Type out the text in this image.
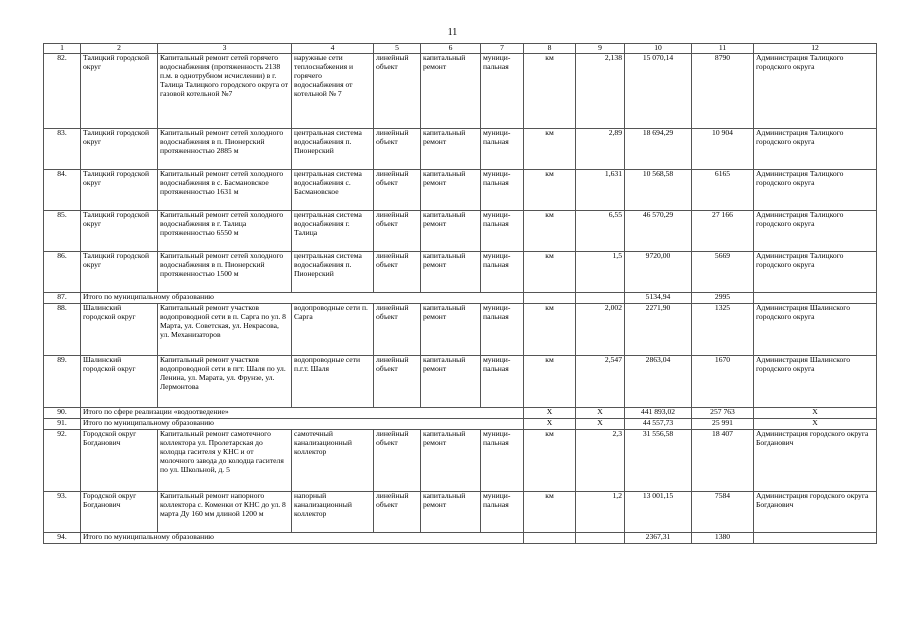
11
1	2	3	4	5	6	7	8	9	10	11	12
82.	Талицкий городской округ	Капитальный ремонт сетей горячего водоснабжения (протяженность 2138 п.м. в однотрубном исчислении) в г. Талица Талицкого городского округа от газовой котельной №7	наружные сети теплоснабжения и горячего водоснабжения от котельной № 7	линейный объект	капитальный ремонт	муници-пальная	км	2,138	15 070,14	8790	Администрация Талицкого городского округа
83.	Талицкий городской округ	Капитальный ремонт сетей холодного водоснабжения в п. Пионерский протяженностью 2885 м	центральная система водоснабжения п. Пионерский	линейный объект	капитальный ремонт	муници-пальная	км	2,89	18 694,29	10 904	Администрация Талицкого городского округа
84.	Талицкий городской округ	Капитальный ремонт сетей холодного водоснабжения в с. Басмановское протяженностью 1631 м	центральная система водоснабжения с. Басмановское	линейный объект	капитальный ремонт	муници-пальная	км	1,631	10 568,58	6165	Администрация Талицкого городского округа
85.	Талицкий городской округ	Капитальный ремонт сетей холодного водоснабжения в г. Талица протяженностью 6550 м	центральная система водоснабжения г. Талица	линейный объект	капитальный ремонт	муници-пальная	км	6,55	46 570,29	27 166	Администрация Талицкого городского округа
86.	Талицкий городской округ	Капитальный ремонт сетей холодного водоснабжения в п. Пионерский протяженностью 1500 м	центральная система водоснабжения п. Пионерский	линейный объект	капитальный ремонт	муници-пальная	км	1,5	9720,00	5669	Администрация Талицкого городского округа
87.	Итого по муниципальному образованию								5134,94	2995	
88.	Шалинский городской округ	Капитальный ремонт участков водопроводной сети в п. Сарга по ул. 8 Марта, ул. Советская, ул. Некрасова, ул. Механизаторов	водопроводные сети п. Сарга	линейный объект	капитальный ремонт	муници-пальная	км	2,002	2271,90	1325	Администрация Шалинского городского округа
89.	Шалинский городской округ	Капитальный ремонт участков водопроводной сети в пгт. Шаля по ул. Ленина, ул. Марата, ул. Фрунзе, ул. Лермонтова	водопроводные сети п.г.т. Шаля	линейный объект	капитальный ремонт	муници-пальная	км	2,547	2863,04	1670	Администрация Шалинского городского округа
90.	Итого по сфере реализации «водоотведение»						X	X	441 893,02	257 763	X
91.	Итого по муниципальному образованию						X	X	44 557,73	25 991	X
92.	Городской округ Богданович	Капитальный ремонт самотечного коллектора ул. Пролетарская до колодца гасителя у КНС и от молочного завода до колодца гасителя по ул. Школьной, д. 5	самотечный канализационный коллектор	линейный объект	капитальный ремонт	муници-пальная	км	2,3	31 556,58	18 407	Администрация городского округа Богданович
93.	Городской округ Богданович	Капитальный ремонт напорного коллектора с. Коменки от КНС до ул. 8 марта Ду 160 мм длиной 1200 м	напорный канализационный коллектор	линейный объект	капитальный ремонт	муници-пальная	км	1,2	13 001,15	7584	Администрация городского округа Богданович
94.	Итого по муниципальному образованию								2367,31	1380	
